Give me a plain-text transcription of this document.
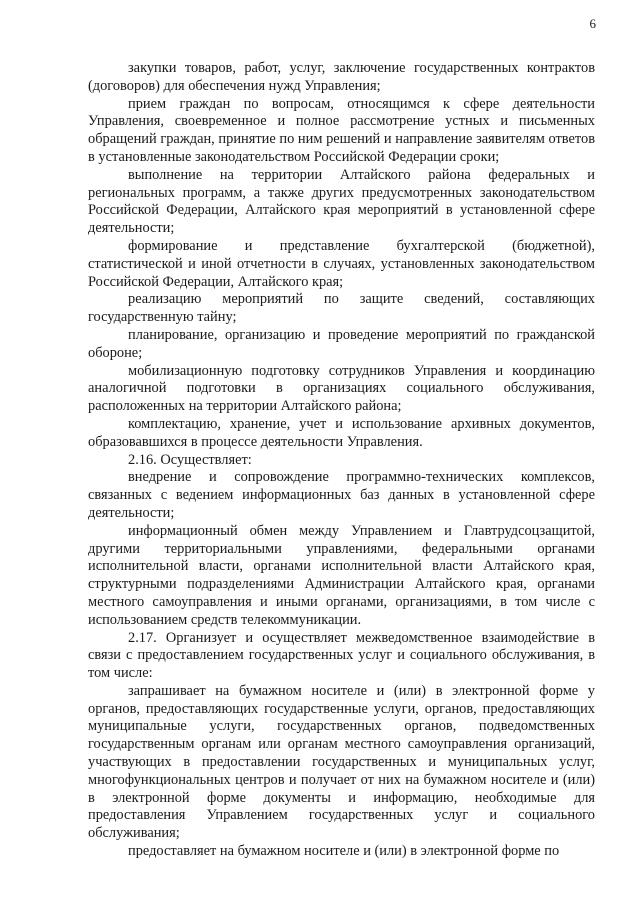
6

закупки товаров, работ, услуг, заключение государственных контрактов (договоров) для обеспечения нужд Управления;

прием граждан по вопросам, относящимся к сфере деятельности Управления, своевременное и полное рассмотрение устных и письменных обращений граждан, принятие по ним решений и направление заявителям ответов в установленные законодательством Российской Федерации сроки;

выполнение на территории Алтайского района федеральных и региональных программ, а также других предусмотренных законодательством Российской Федерации, Алтайского края мероприятий в установленной сфере деятельности;

формирование и представление бухгалтерской (бюджетной), статистической и иной отчетности в случаях, установленных законодательством Российской Федерации, Алтайского края;

реализацию мероприятий по защите сведений, составляющих государственную тайну;

планирование, организацию и проведение мероприятий по гражданской обороне;

мобилизационную подготовку сотрудников Управления и координацию аналогичной подготовки в организациях социального обслуживания, расположенных на территории Алтайского района;

комплектацию, хранение, учет и использование архивных документов, образовавшихся в процессе деятельности Управления.

2.16. Осуществляет:

внедрение и сопровождение программно-технических комплексов, связанных с ведением информационных баз данных в установленной сфере деятельности;

информационный обмен между Управлением и Главтрудсоцзащитой, другими территориальными управлениями, федеральными органами исполнительной власти, органами исполнительной власти Алтайского края, структурными подразделениями Администрации Алтайского края, органами местного самоуправления и иными органами, организациями, в том числе с использованием средств телекоммуникации.

2.17. Организует и осуществляет межведомственное взаимодействие в связи с предоставлением государственных услуг и социального обслуживания, в том числе:

запрашивает на бумажном носителе и (или) в электронной форме у органов, предоставляющих государственные услуги, органов, предоставляющих муниципальные услуги, государственных органов, подведомственных государственным органам или органам местного самоуправления организаций, участвующих в предоставлении государственных и муниципальных услуг, многофункциональных центров и получает от них на бумажном носителе и (или) в электронной форме документы и информацию, необходимые для предоставления Управлением государственных услуг и социального обслуживания;

предоставляет на бумажном носителе и (или) в электронной форме по
